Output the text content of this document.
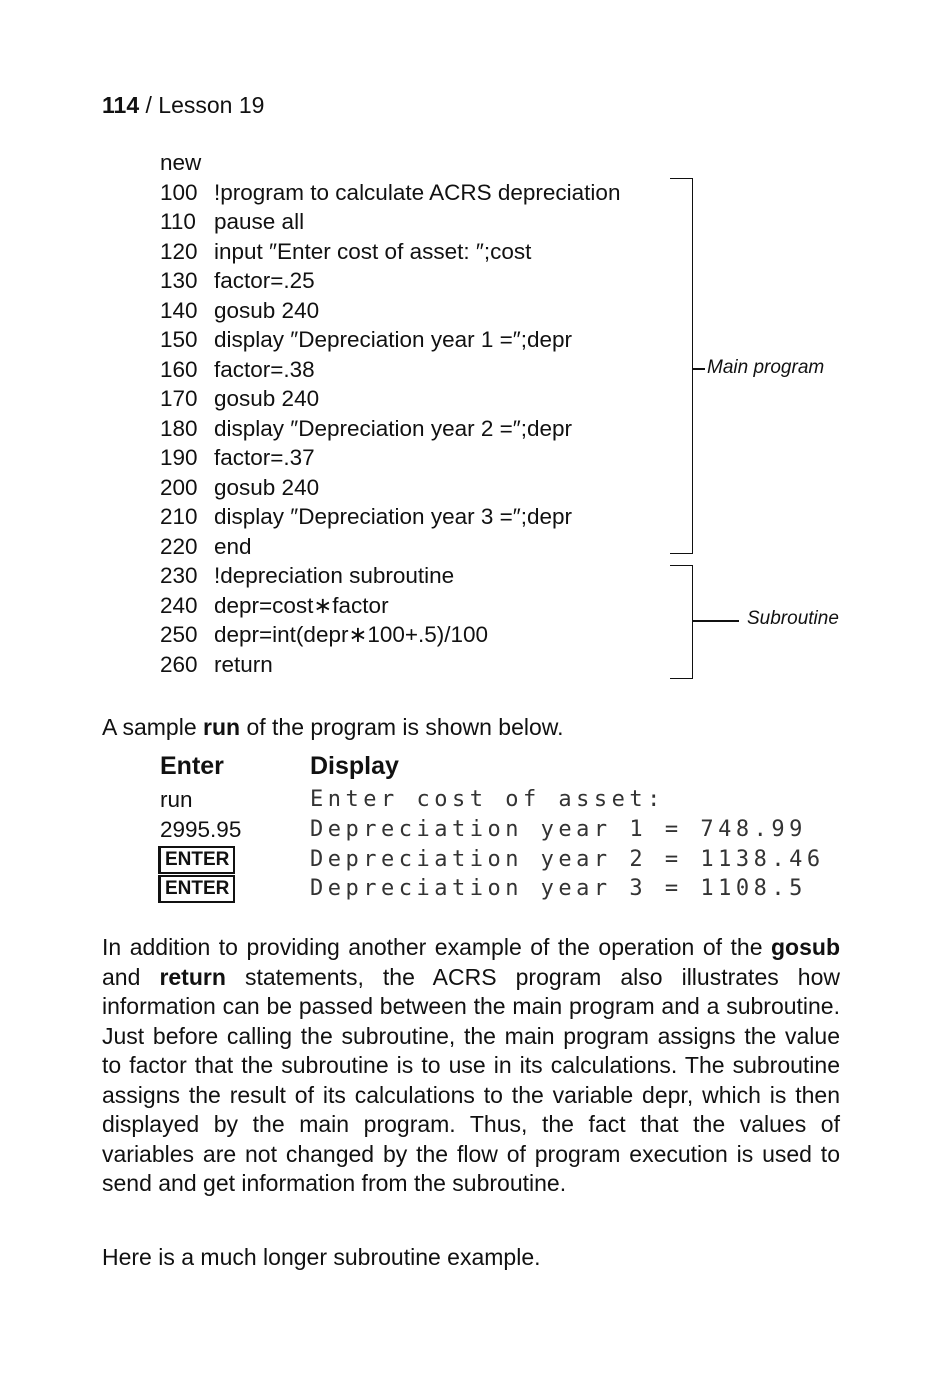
114 / Lesson 19
new
100 !program to calculate ACRS depreciation
110 pause all
120 input ″Enter cost of asset: ″;cost
130 factor=.25
140 gosub 240
150 display ″Depreciation year 1 =″;depr
160 factor=.38
170 gosub 240
180 display ″Depreciation year 2 =″;depr
190 factor=.37
200 gosub 240
210 display ″Depreciation year 3 =″;depr
220 end
230 !depreciation subroutine
240 depr=cost∗factor
250 depr=int(depr∗100+.5)/100
260 return
Main program
Subroutine
A sample run of the program is shown below.
Enter	Display
run	Enter cost of asset:
2995.95	Depreciation year 1 = 748.99
ENTER	Depreciation year 2 = 1138.46
ENTER	Depreciation year 3 = 1108.5
In addition to providing another example of the operation of the gosub and return statements, the ACRS program also illustrates how information can be passed between the main program and a subroutine. Just before calling the subroutine, the main program assigns the value to factor that the subroutine is to use in its calculations. The subroutine assigns the result of its calculations to the variable depr, which is then displayed by the main program. Thus, the fact that the values of variables are not changed by the flow of program execution is used to send and get information from the subroutine.
Here is a much longer subroutine example.
